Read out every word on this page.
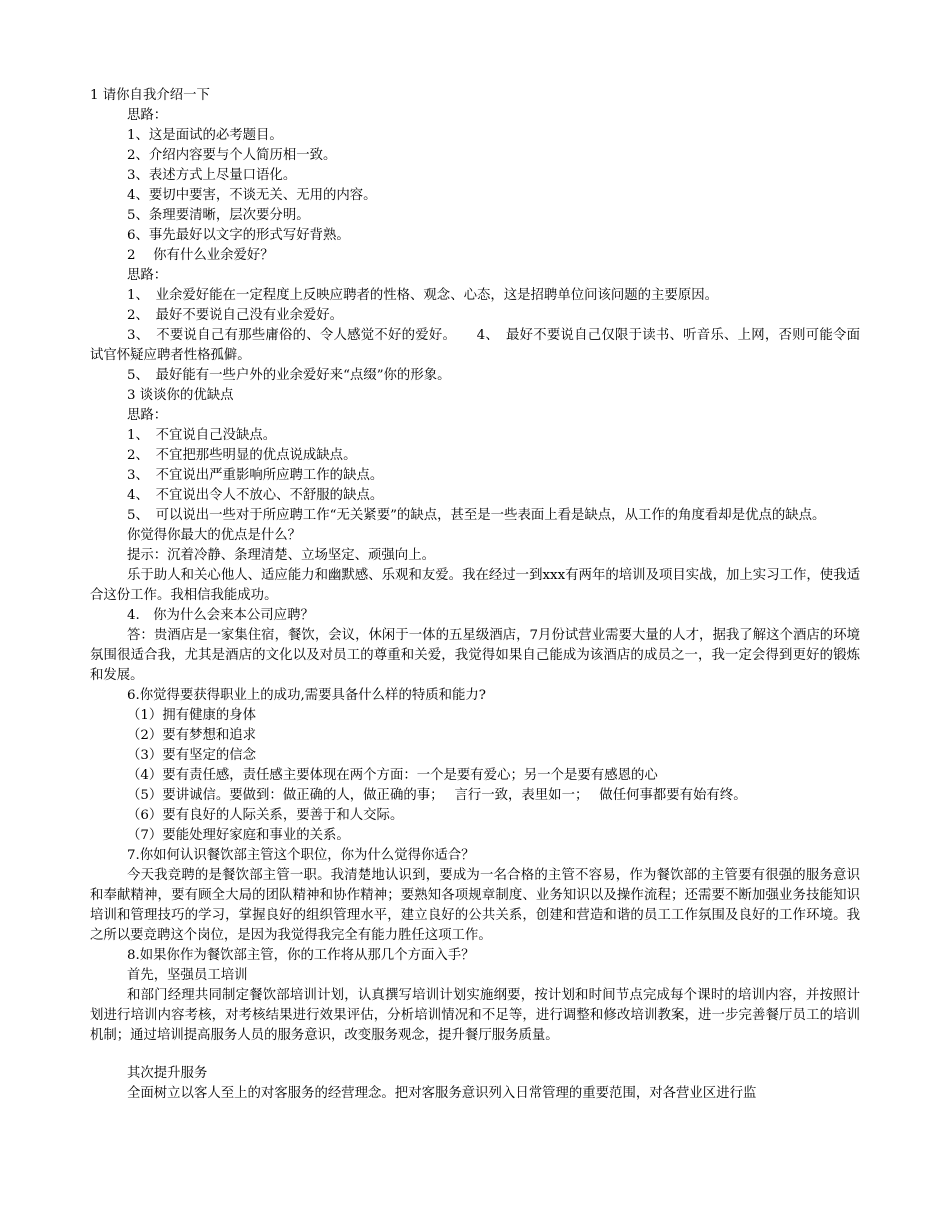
1 请你自我介绍一下

思路：

1、这是面试的必考题目。

2、介绍内容要与个人简历相一致。

3、表述方式上尽量口语化。

4、要切中要害，不谈无关、无用的内容。

5、条理要清晰，层次要分明。

6、事先最好以文字的形式写好背熟。

2　 你有什么业余爱好？

思路：

1、　业余爱好能在一定程度上反映应聘者的性格、观念、心态，这是招聘单位问该问题的主要原因。

2、　最好不要说自己没有业余爱好。

3、　不要说自己有那些庸俗的、令人感觉不好的爱好。　　4、　最好不要说自己仅限于读书、听音乐、上网，否则可能令面试官怀疑应聘者性格孤僻。

5、　最好能有一些户外的业余爱好来“点缀”你的形象。

3 谈谈你的优缺点

思路：

1、　不宜说自己没缺点。

2、　不宜把那些明显的优点说成缺点。

3、　不宜说出严重影响所应聘工作的缺点。

4、　不宜说出令人不放心、不舒服的缺点。

5、　可以说出一些对于所应聘工作“无关紧要”的缺点，甚至是一些表面上看是缺点，从工作的角度看却是优点的缺点。

你觉得你最大的优点是什么？

提示：沉着冷静、条理清楚、立场坚定、顽强向上。

乐于助人和关心他人、适应能力和幽默感、乐观和友爱。我在经过一到xxx有两年的培训及项目实战，加上实习工作，使我适合这份工作。我相信我能成功。

4.　你为什么会来本公司应聘？

答：贵酒店是一家集住宿，餐饮，会议，休闲于一体的五星级酒店，7月份试营业需要大量的人才，据我了解这个酒店的环境氛围很适合我，尤其是酒店的文化以及对员工的尊重和关爱，我觉得如果自己能成为该酒店的成员之一，我一定会得到更好的锻炼和发展。

6.你觉得要获得职业上的成功,需要具备什么样的特质和能力?

（1）拥有健康的身体

（2）要有梦想和追求

（3）要有坚定的信念

（4）要有责任感，责任感主要体现在两个方面：一个是要有爱心；另一个是要有感恩的心

（5）要讲诚信。要做到：做正确的人，做正确的事；　 言行一致，表里如一；　 做任何事都要有始有终。

（6）要有良好的人际关系，要善于和人交际。

（7）要能处理好家庭和事业的关系。

7.你如何认识餐饮部主管这个职位，你为什么觉得你适合？

今天我竞聘的是餐饮部主管一职。我清楚地认识到，要成为一名合格的主管不容易，作为餐饮部的主管要有很强的服务意识和奉献精神，要有顾全大局的团队精神和协作精神；要熟知各项规章制度、业务知识以及操作流程；还需要不断加强业务技能知识培训和管理技巧的学习，掌握良好的组织管理水平，建立良好的公共关系，创建和营造和谐的员工工作氛围及良好的工作环境。我之所以要竞聘这个岗位，是因为我觉得我完全有能力胜任这项工作。

8.如果你作为餐饮部主管，你的工作将从那几个方面入手？

首先，坚强员工培训

和部门经理共同制定餐饮部培训计划，认真撰写培训计划实施纲要，按计划和时间节点完成每个课时的培训内容，并按照计划进行培训内容考核，对考核结果进行效果评估，分析培训情况和不足等，进行调整和修改培训教案，进一步完善餐厅员工的培训机制；通过培训提高服务人员的服务意识，改变服务观念，提升餐厅服务质量。

其次提升服务

全面树立以客人至上的对客服务的经营理念。把对客服务意识列入日常管理的重要范围，对各营业区进行监
